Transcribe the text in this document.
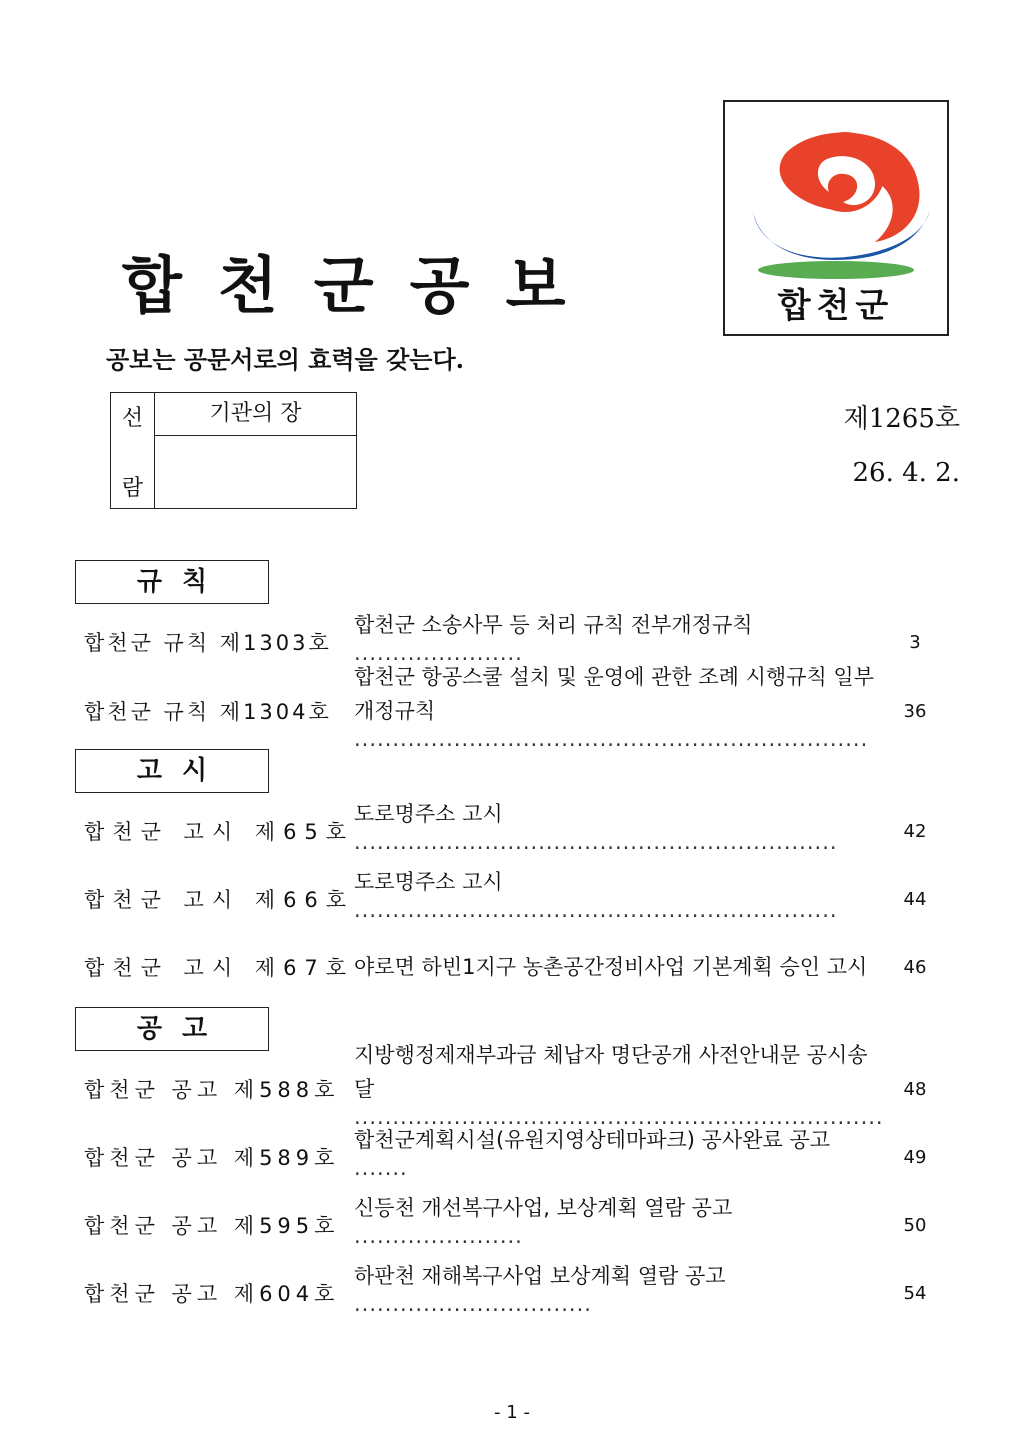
합천군공보
공보는 공문서로의 효력을 갖는다.
합천군
선
람
기관의 장	제1265호
26. 4. 2.
규칙
합천군 규칙 제1303호
합천군 소송사무 등 처리 규칙 전부개정규칙 ······················
3
합천군 규칙 제1304호
합천군 항공스쿨 설치 및 운영에 관한 조례 시행규칙 일부개정규칙 ···································································
36
고시
합천군 고시 제65호
도로명주소 고시 ·······························································
42
합천군 고시 제66호
도로명주소 고시 ·······························································
44
합천군 고시 제67호 야로면 하빈1지구 농촌공간정비사업 기본계획 승인 고시	46
공고
합천군 공고 제588호
지방행정제재부과금 체납자 명단공개 사전안내문 공시송달 ·····································································
48
합천군 공고 제589호
합천군계획시설(유원지영상테마파크) 공사완료 공고 ·······
49
합천군 공고 제595호
신등천 개선복구사업, 보상계획 열람 공고 ······················
50
합천군 공고 제604호
하판천 재해복구사업 보상계획 열람 공고 ·······························
54
- 1 -
